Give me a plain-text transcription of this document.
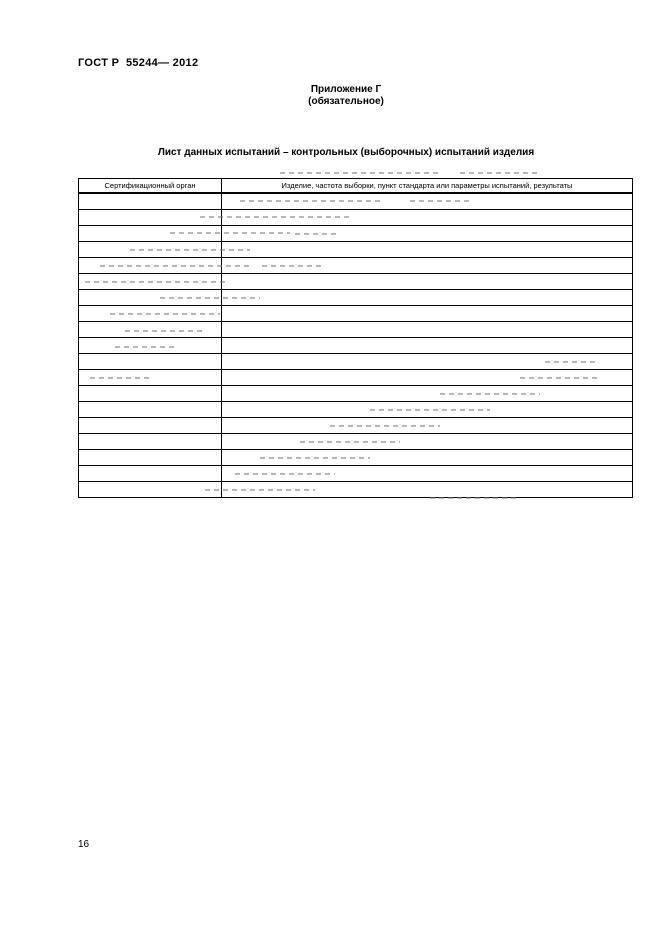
ГОСТ Р  55244— 2012
Приложение Г
(обязательное)
Лист данных испытаний – контрольных (выборочных) испытаний изделия
Сертификационный орган	Изделие, частота выборки, пункт стандарта или параметры испытаний, результаты

16
